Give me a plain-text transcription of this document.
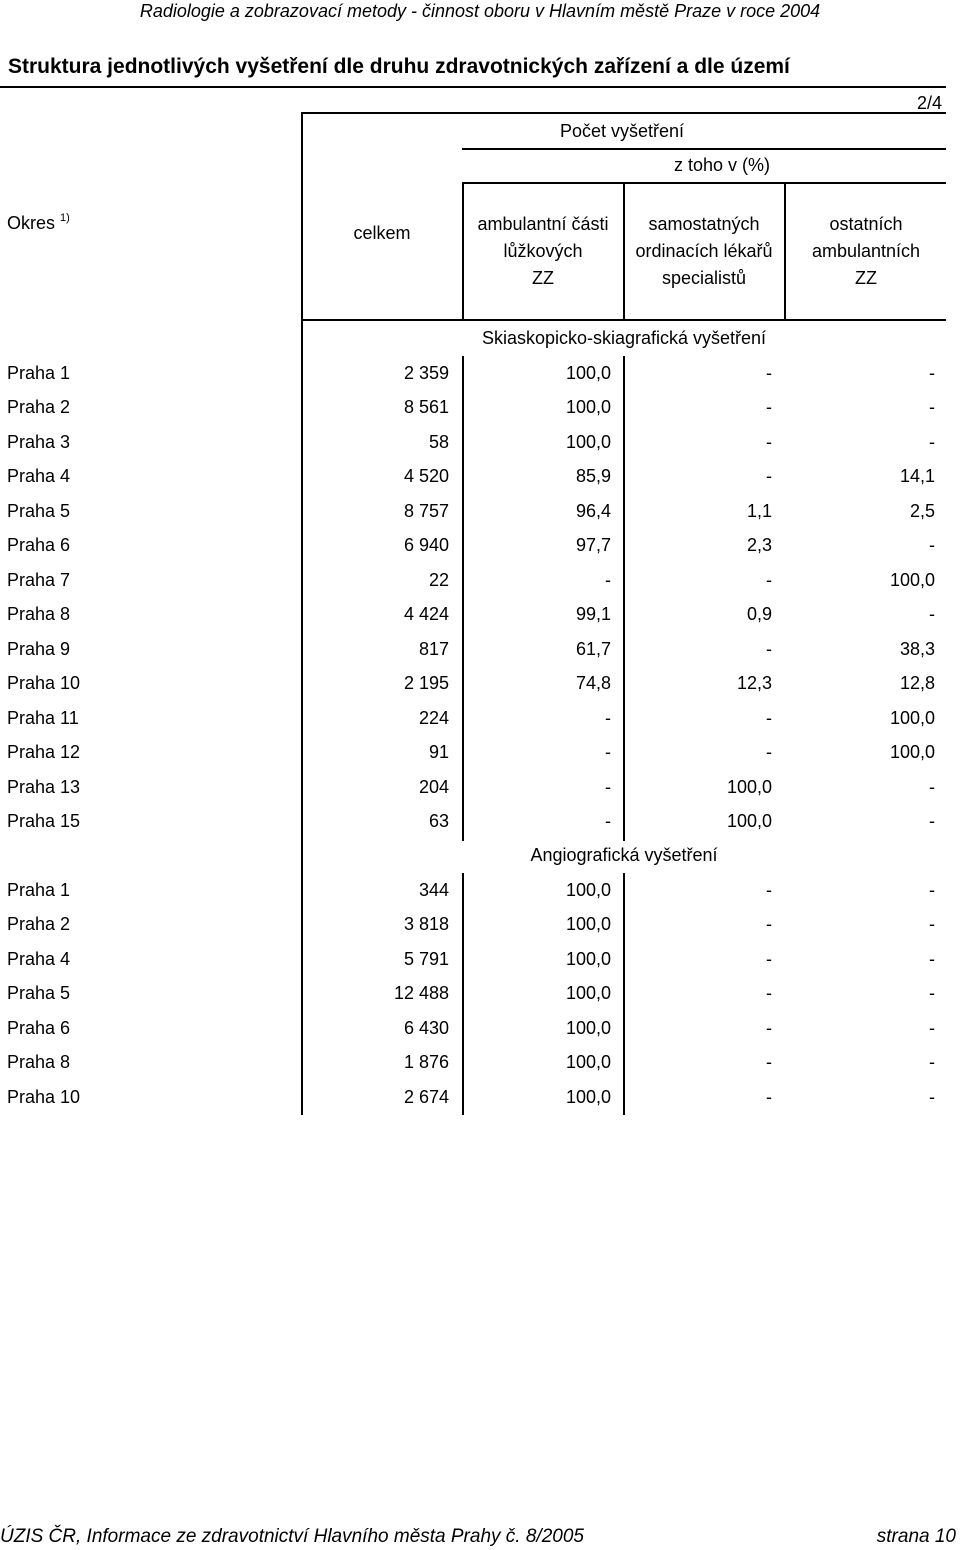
Radiologie a zobrazovací metody - činnost oboru v Hlavním městě Praze v roce 2004
Struktura jednotlivých vyšetření dle druhu zdravotnických zařízení a dle území
2/4
Počet vyšetření
z toho v (%)
Okres $^{1)}$
celkem	ambulantní části
lůžkových
ZZ
samostatných
ordinacích lékařů
specialistů
ostatních
ambulantních
ZZ
Skiaskopicko-skiagrafická vyšetření
Praha 1	2 359	100,0	-	-
Praha 2	8 561	100,0	-	-
Praha 3	58	100,0	-	-
Praha 4	4 520	85,9	-	14,1
Praha 5	8 757	96,4	1,1	2,5
Praha 6	6 940	97,7	2,3	-
Praha 7	22	-	-	100,0
Praha 8	4 424	99,1	0,9	-
Praha 9	817	61,7	-	38,3
Praha 10	2 195	74,8	12,3	12,8
Praha 11	224	-	-	100,0
Praha 12	91	-	-	100,0
Praha 13	204	-	100,0	-
Praha 15	63	-	100,0	-
Angiografická vyšetření
Praha 1	344	100,0	-	-
Praha 2	3 818	100,0	-	-
Praha 4	5 791	100,0	-	-
Praha 5	12 488	100,0	-	-
Praha 6	6 430	100,0	-	-
Praha 8	1 876	100,0	-	-
Praha 10	2 674	100,0	-	-
ÚZIS ČR, Informace ze zdravotnictví Hlavního města Prahy č. 8/2005	strana 10
